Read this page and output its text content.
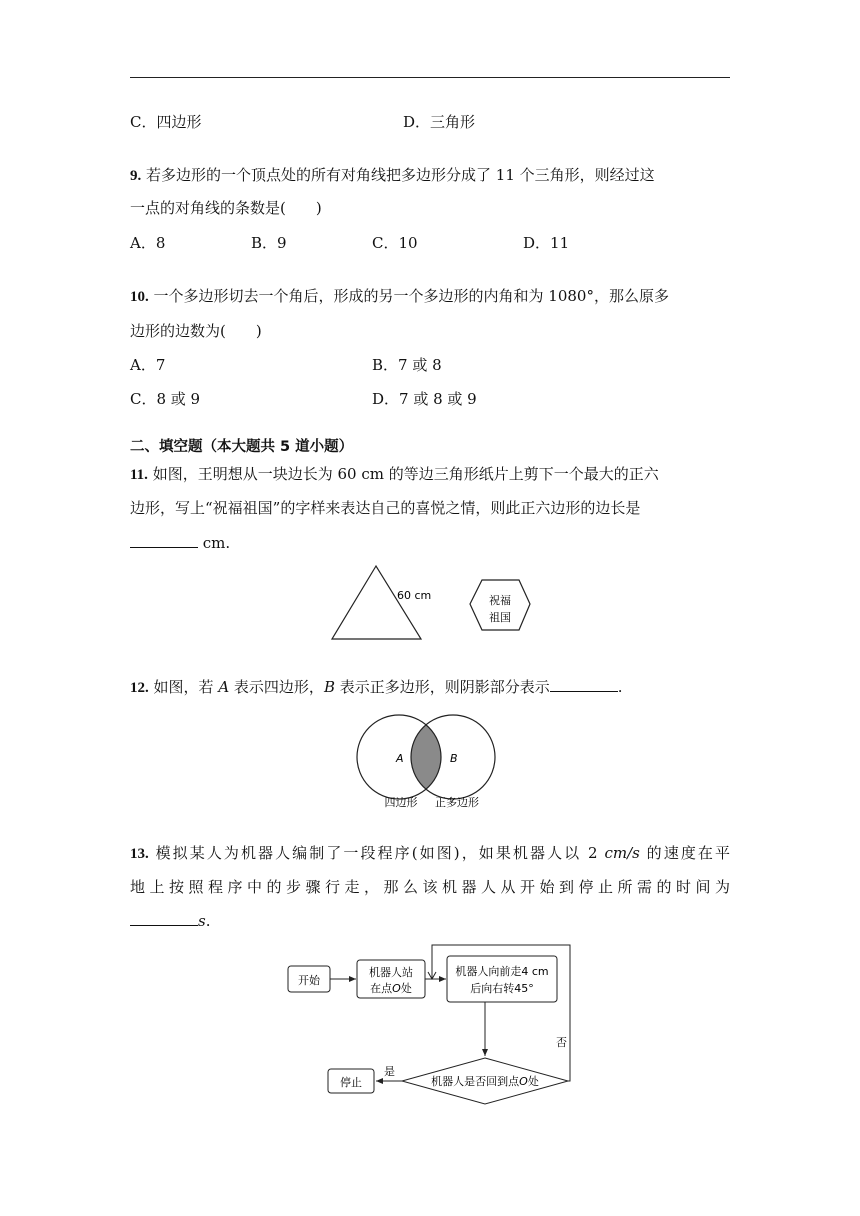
C．四边形	D．三角形
9. 若多边形的一个顶点处的所有对角线把多边形分成了 11 个三角形，则经过这
一点的对角线的条数是(　　)
A．8	B．9	C．10	D．11
10. 一个多边形切去一个角后，形成的另一个多边形的内角和为 1080°，那么原多
边形的边数为(　　)
A．7	B．7 或 8
C．8 或 9	D．7 或 8 或 9
二、填空题（本大题共 5 道小题）
11. 如图，王明想从一块边长为 60 cm 的等边三角形纸片上剪下一个最大的正六
边形，写上“祝福祖国”的字样来表达自己的喜悦之情，则此正六边形的边长是
cm.
60 cm	祝福
祖国
12. 如图，若 A 表示四边形，B 表示正多边形，则阴影部分表示	.
A	B
四边形 正多边形
13. 模拟某人为机器人编制了一段程序(如图)，如果机器人以 2 cm/s 的速度在平
地上按照程序中的步骤行走，那么该机器人从开始到停止所需的时间为
s.
开始
机器人站
在点O处
机器人向前走4 cm
后向右转45°
机器人是否回到点O处
否
是
停止
